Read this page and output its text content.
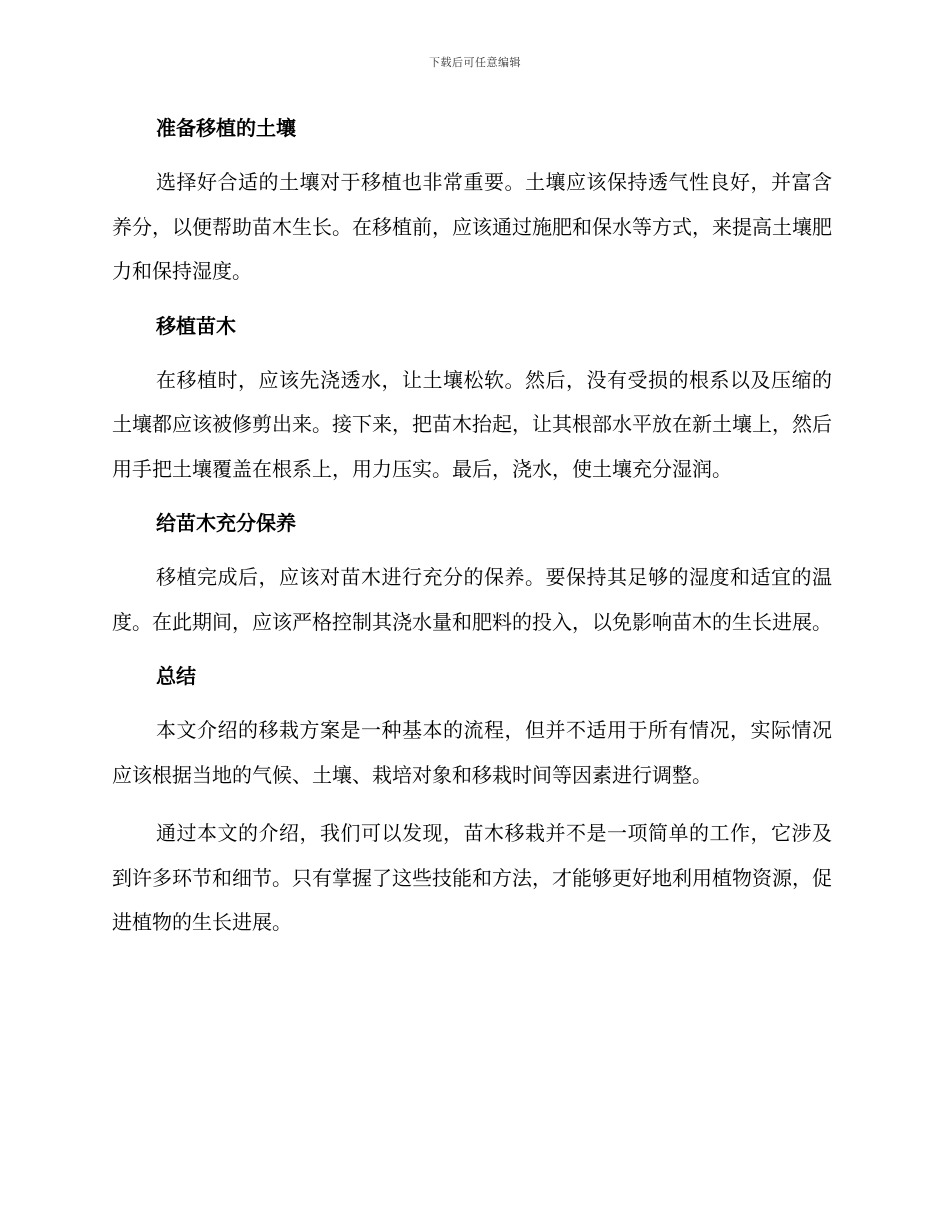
下载后可任意编辑
准备移植的土壤
选择好合适的土壤对于移植也非常重要。土壤应该保持透气性良好，并富含养分，以便帮助苗木生长。在移植前，应该通过施肥和保水等方式，来提高土壤肥力和保持湿度。
移植苗木
在移植时，应该先浇透水，让土壤松软。然后，没有受损的根系以及压缩的土壤都应该被修剪出来。接下来，把苗木抬起，让其根部水平放在新土壤上，然后用手把土壤覆盖在根系上，用力压实。最后，浇水，使土壤充分湿润。
给苗木充分保养
移植完成后，应该对苗木进行充分的保养。要保持其足够的湿度和适宜的温度。在此期间，应该严格控制其浇水量和肥料的投入，以免影响苗木的生长进展。
总结
本文介绍的移栽方案是一种基本的流程，但并不适用于所有情况，实际情况应该根据当地的气候、土壤、栽培对象和移栽时间等因素进行调整。
通过本文的介绍，我们可以发现，苗木移栽并不是一项简单的工作，它涉及到许多环节和细节。只有掌握了这些技能和方法，才能够更好地利用植物资源，促进植物的生长进展。
